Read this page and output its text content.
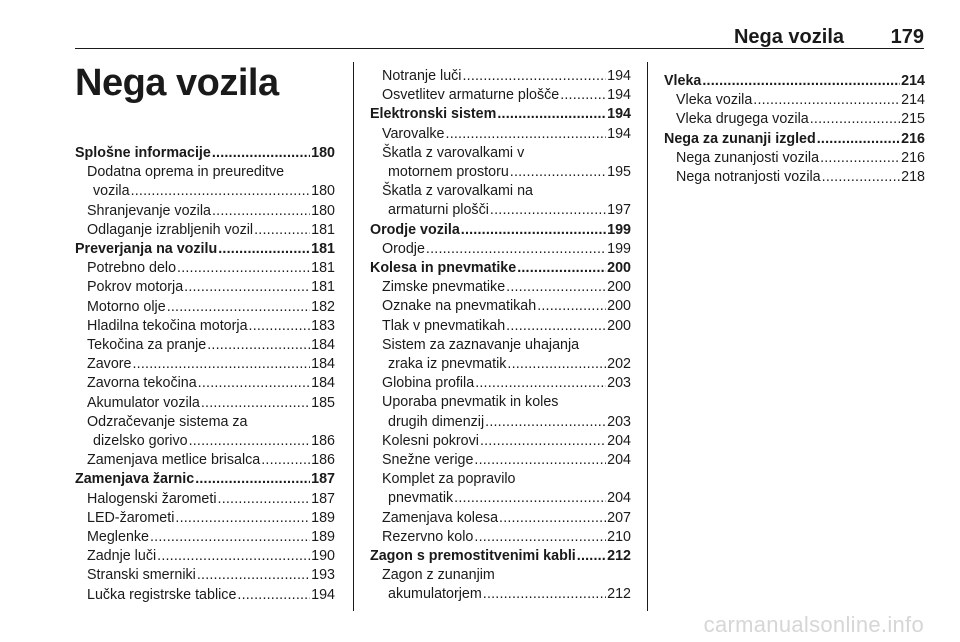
Nega vozila 179
Nega vozila
Splošne informacije .....	180
Dodatna oprema in preureditve
vozila .....	180
Shranjevanje vozila .....	180
Odlaganje izrabljenih vozil .....	181
Preverjanja na vozilu .....	181
Potrebno delo .....	181
Pokrov motorja .....	181
Motorno olje .....	182
Hladilna tekočina motorja .....	183
Tekočina za pranje .....	184
Zavore .....	184
Zavorna tekočina .....	184
Akumulator vozila .....	185
Odzračevanje sistema za
dizelsko gorivo .....	186
Zamenjava metlice brisalca .....	186
Zamenjava žarnic .....	187
Halogenski žarometi .....	187
LED-žarometi .....	189
Meglenke .....	189
Zadnje luči .....	190
Stranski smerniki .....	193
Lučka registrske tablice .....	194
Notranje luči .....	194
Osvetlitev armaturne plošče .....	194
Elektronski sistem .....	194
Varovalke .....	194
Škatla z varovalkami v
motornem prostoru .....	195
Škatla z varovalkami na
armaturni plošči .....	197
Orodje vozila .....	199
Orodje .....	199
Kolesa in pnevmatike .....	200
Zimske pnevmatike .....	200
Oznake na pnevmatikah .....	200
Tlak v pnevmatikah .....	200
Sistem za zaznavanje uhajanja
zraka iz pnevmatik .....	202
Globina profila .....	203
Uporaba pnevmatik in koles
drugih dimenzij .....	203
Kolesni pokrovi .....	204
Snežne verige .....	204
Komplet za popravilo
pnevmatik .....	204
Zamenjava kolesa .....	207
Rezervno kolo .....	210
Zagon s premostitvenimi kabli ..... 212
Zagon z zunanjim
akumulatorjem .....	212
Vleka .....	214
Vleka vozila .....	214
Vleka drugega vozila .....	215
Nega za zunanji izgled .....	216
Nega zunanjosti vozila .....	216
Nega notranjosti vozila .....	218
carmanualsonline.info
